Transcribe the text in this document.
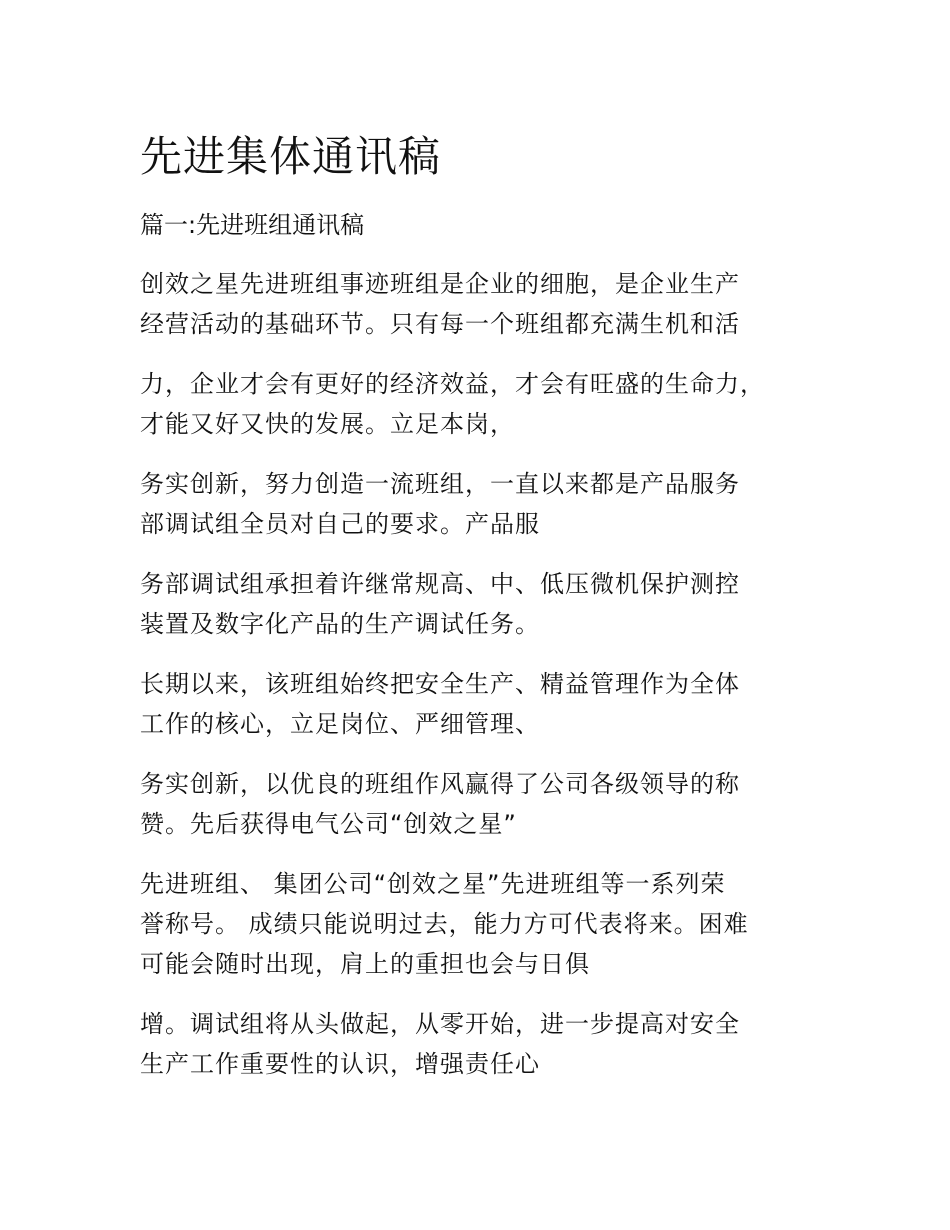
先进集体通讯稿

篇一:先进班组通讯稿

创效之星先进班组事迹班组是企业的细胞，是企业生产
经营活动的基础环节。只有每一个班组都充满生机和活

力，企业才会有更好的经济效益，才会有旺盛的生命力，
才能又好又快的发展。立足本岗，

务实创新，努力创造一流班组，一直以来都是产品服务
部调试组全员对自己的要求。产品服

务部调试组承担着许继常规高、中、低压微机保护测控
装置及数字化产品的生产调试任务。

长期以来，该班组始终把安全生产、精益管理作为全体
工作的核心，立足岗位、严细管理、

务实创新，以优良的班组作风赢得了公司各级领导的称
赞。先后获得电气公司“创效之星”

先进班组、 集团公司“创效之星”先进班组等一系列荣
誉称号。 成绩只能说明过去，能力方可代表将来。困难
可能会随时出现，肩上的重担也会与日俱

增。调试组将从头做起，从零开始，进一步提高对安全
生产工作重要性的认识，增强责任心
